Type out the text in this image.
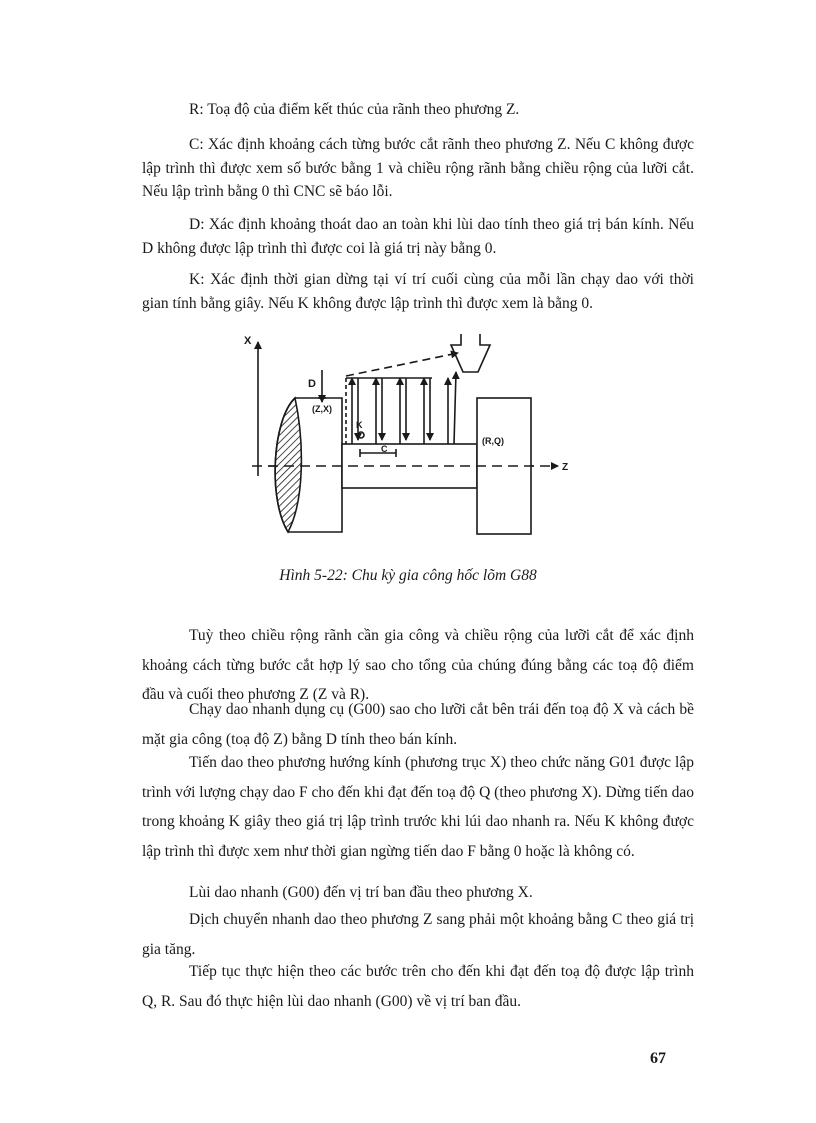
R: Toạ độ của điểm kết thúc của rãnh theo phương Z.

C: Xác định khoảng cách từng bước cắt rãnh theo phương Z. Nếu C không được lập trình thì được xem số bước bằng 1 và chiều rộng rãnh bằng chiều rộng của lưỡi cắt. Nếu lập trình bằng 0 thì CNC sẽ báo lỗi.

D: Xác định khoảng thoát dao an toàn khi lùi dao tính theo giá trị bán kính. Nếu D không được lập trình thì được coi là giá trị này bằng 0.

K: Xác định thời gian dừng tại ví trí cuối cùng của mỗi lần chạy dao với thời gian tính bằng giây. Nếu K không được lập trình thì được xem là bằng 0.

X
Z
D
(Z,X)
K
C
(R,Q)
Hình 5-22: Chu kỳ gia công hốc lõm G88

Tuỳ theo chiều rộng rãnh cần gia công và chiều rộng của lưỡi cắt để xác định khoảng cách từng bước cắt hợp lý sao cho tổng của chúng đúng bằng các toạ độ điểm đầu và cuối theo phương Z (Z và R).

Chạy dao nhanh dụng cụ (G00) sao cho lưỡi cắt bên trái đến toạ độ X và cách bề mặt gia công (toạ độ Z) bằng D tính theo bán kính.

Tiến dao theo phương hướng kính (phương trục X) theo chức năng G01 được lập trình với lượng chạy dao F cho đến khi đạt đến toạ độ Q (theo phương X). Dừng tiến dao trong khoảng K giây theo giá trị lập trình trước khi lúi dao nhanh ra. Nếu K không được lập trình thì được xem như thời gian ngừng tiến dao F bằng 0 hoặc là không có.

Lùi dao nhanh (G00) đến vị trí ban đầu theo phương X.

Dịch chuyển nhanh dao theo phương Z sang phải một khoảng bằng C theo giá trị gia tăng.

Tiếp tục thực hiện theo các bước trên cho đến khi đạt đến toạ độ được lập trình Q, R. Sau đó thực hiện lùi dao nhanh (G00) về vị trí ban đầu.

67
